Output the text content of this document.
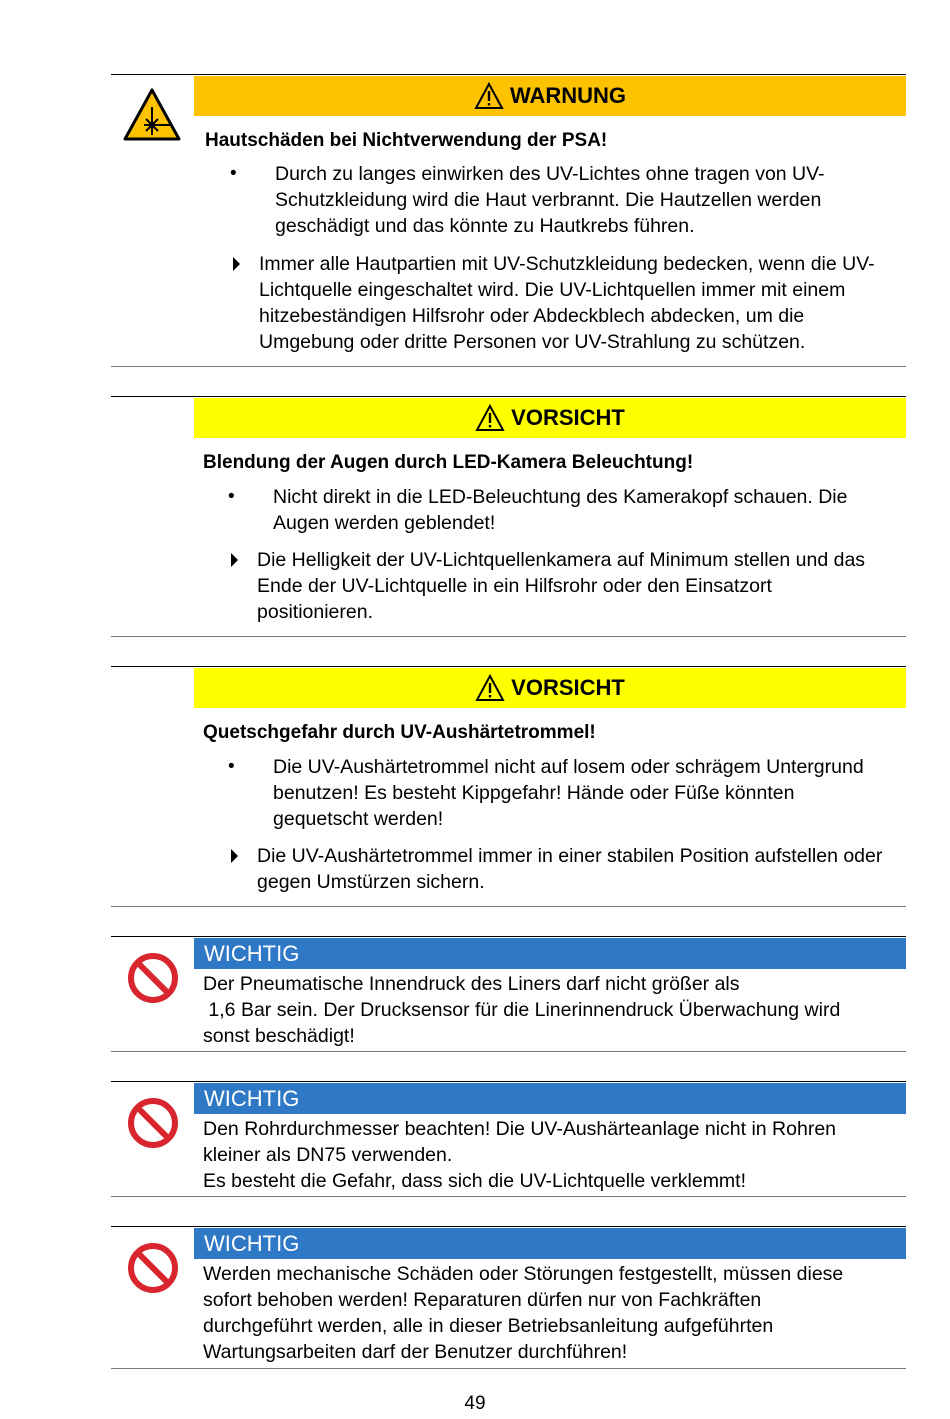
WARNUNG
Hautschäden bei Nichtverwendung der PSA!
• Durch zu langes einwirken des UV-Lichtes ohne tragen von UV-Schutzkleidung wird die Haut verbrannt. Die Hautzellen werden geschädigt und das könnte zu Hautkrebs führen.
Immer alle Hautpartien mit UV-Schutzkleidung bedecken, wenn die UV-Lichtquelle eingeschaltet wird. Die UV-Lichtquellen immer mit einem hitzebeständigen Hilfsrohr oder Abdeckblech abdecken, um die Umgebung oder dritte Personen vor UV-Strahlung zu schützen.
VORSICHT
Blendung der Augen durch LED-Kamera Beleuchtung!
• Nicht direkt in die LED-Beleuchtung des Kamerakopf schauen. Die Augen werden geblendet!
Die Helligkeit der UV-Lichtquellenkamera auf Minimum stellen und das Ende der UV-Lichtquelle in ein Hilfsrohr oder den Einsatzort positionieren.
VORSICHT
Quetschgefahr durch UV-Aushärtetrommel!
• Die UV-Aushärtetrommel nicht auf losem oder schrägem Untergrund benutzen! Es besteht Kippgefahr! Hände oder Füße könnten gequetscht werden!
Die UV-Aushärtetrommel immer in einer stabilen Position aufstellen oder gegen Umstürzen sichern.
WICHTIG
Der Pneumatische Innendruck des Liners darf nicht größer als
1,6 Bar sein. Der Drucksensor für die Linerinnendruck Überwachung wird
sonst beschädigt!
WICHTIG
Den Rohrdurchmesser beachten! Die UV-Aushärteanlage nicht in Rohren
kleiner als DN75 verwenden.
Es besteht die Gefahr, dass sich die UV-Lichtquelle verklemmt!
WICHTIG
Werden mechanische Schäden oder Störungen festgestellt, müssen diese
sofort behoben werden! Reparaturen dürfen nur von Fachkräften
durchgeführt werden, alle in dieser Betriebsanleitung aufgeführten
Wartungsarbeiten darf der Benutzer durchführen!
49
